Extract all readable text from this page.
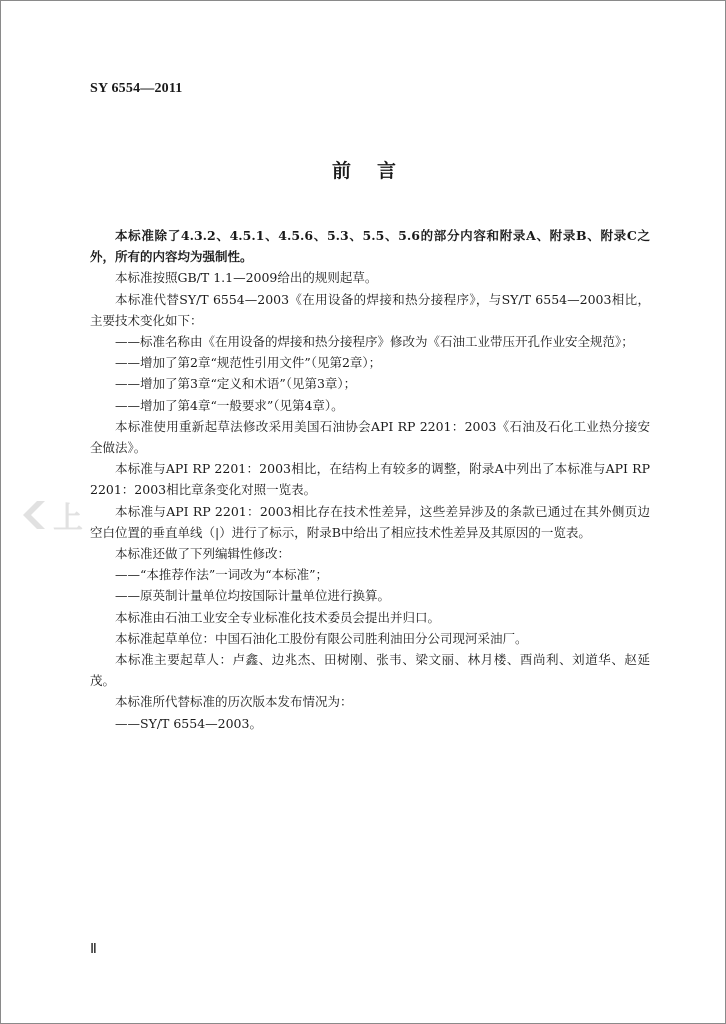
SY 6554—2011
前言

本标准除了4.3.2、4.5.1、4.5.6、5.3、5.5、5.6的部分内容和附录A、附录B、附录C之外，所有的内容均为强制性。

本标准按照GB/T 1.1—2009给出的规则起草。

本标准代替SY/T 6554—2003《在用设备的焊接和热分接程序》，与SY/T 6554—2003相比，主要技术变化如下：

——标准名称由《在用设备的焊接和热分接程序》修改为《石油工业带压开孔作业安全规范》；

——增加了第2章“规范性引用文件”（见第2章）；

——增加了第3章“定义和术语”（见第3章）；

——增加了第4章“一般要求”（见第4章）。

本标准使用重新起草法修改采用美国石油协会API RP 2201：2003《石油及石化工业热分接安全做法》。

本标准与API RP 2201：2003相比，在结构上有较多的调整，附录A中列出了本标准与API RP 2201：2003相比章条变化对照一览表。

本标准与API RP 2201：2003相比存在技术性差异，这些差异涉及的条款已通过在其外侧页边空白位置的垂直单线（|）进行了标示，附录B中给出了相应技术性差异及其原因的一览表。

本标准还做了下列编辑性修改：

——“本推荐作法”一词改为“本标准”；

——原英制计量单位均按国际计量单位进行换算。

本标准由石油工业安全专业标准化技术委员会提出并归口。

本标准起草单位：中国石油化工股份有限公司胜利油田分公司现河采油厂。

本标准主要起草人：卢鑫、边兆杰、田树刚、张韦、梁文丽、林月楼、酉尚利、刘道华、赵延茂。

本标准所代替标准的历次版本发布情况为：

——SY/T 6554—2003。

上
Ⅱ
